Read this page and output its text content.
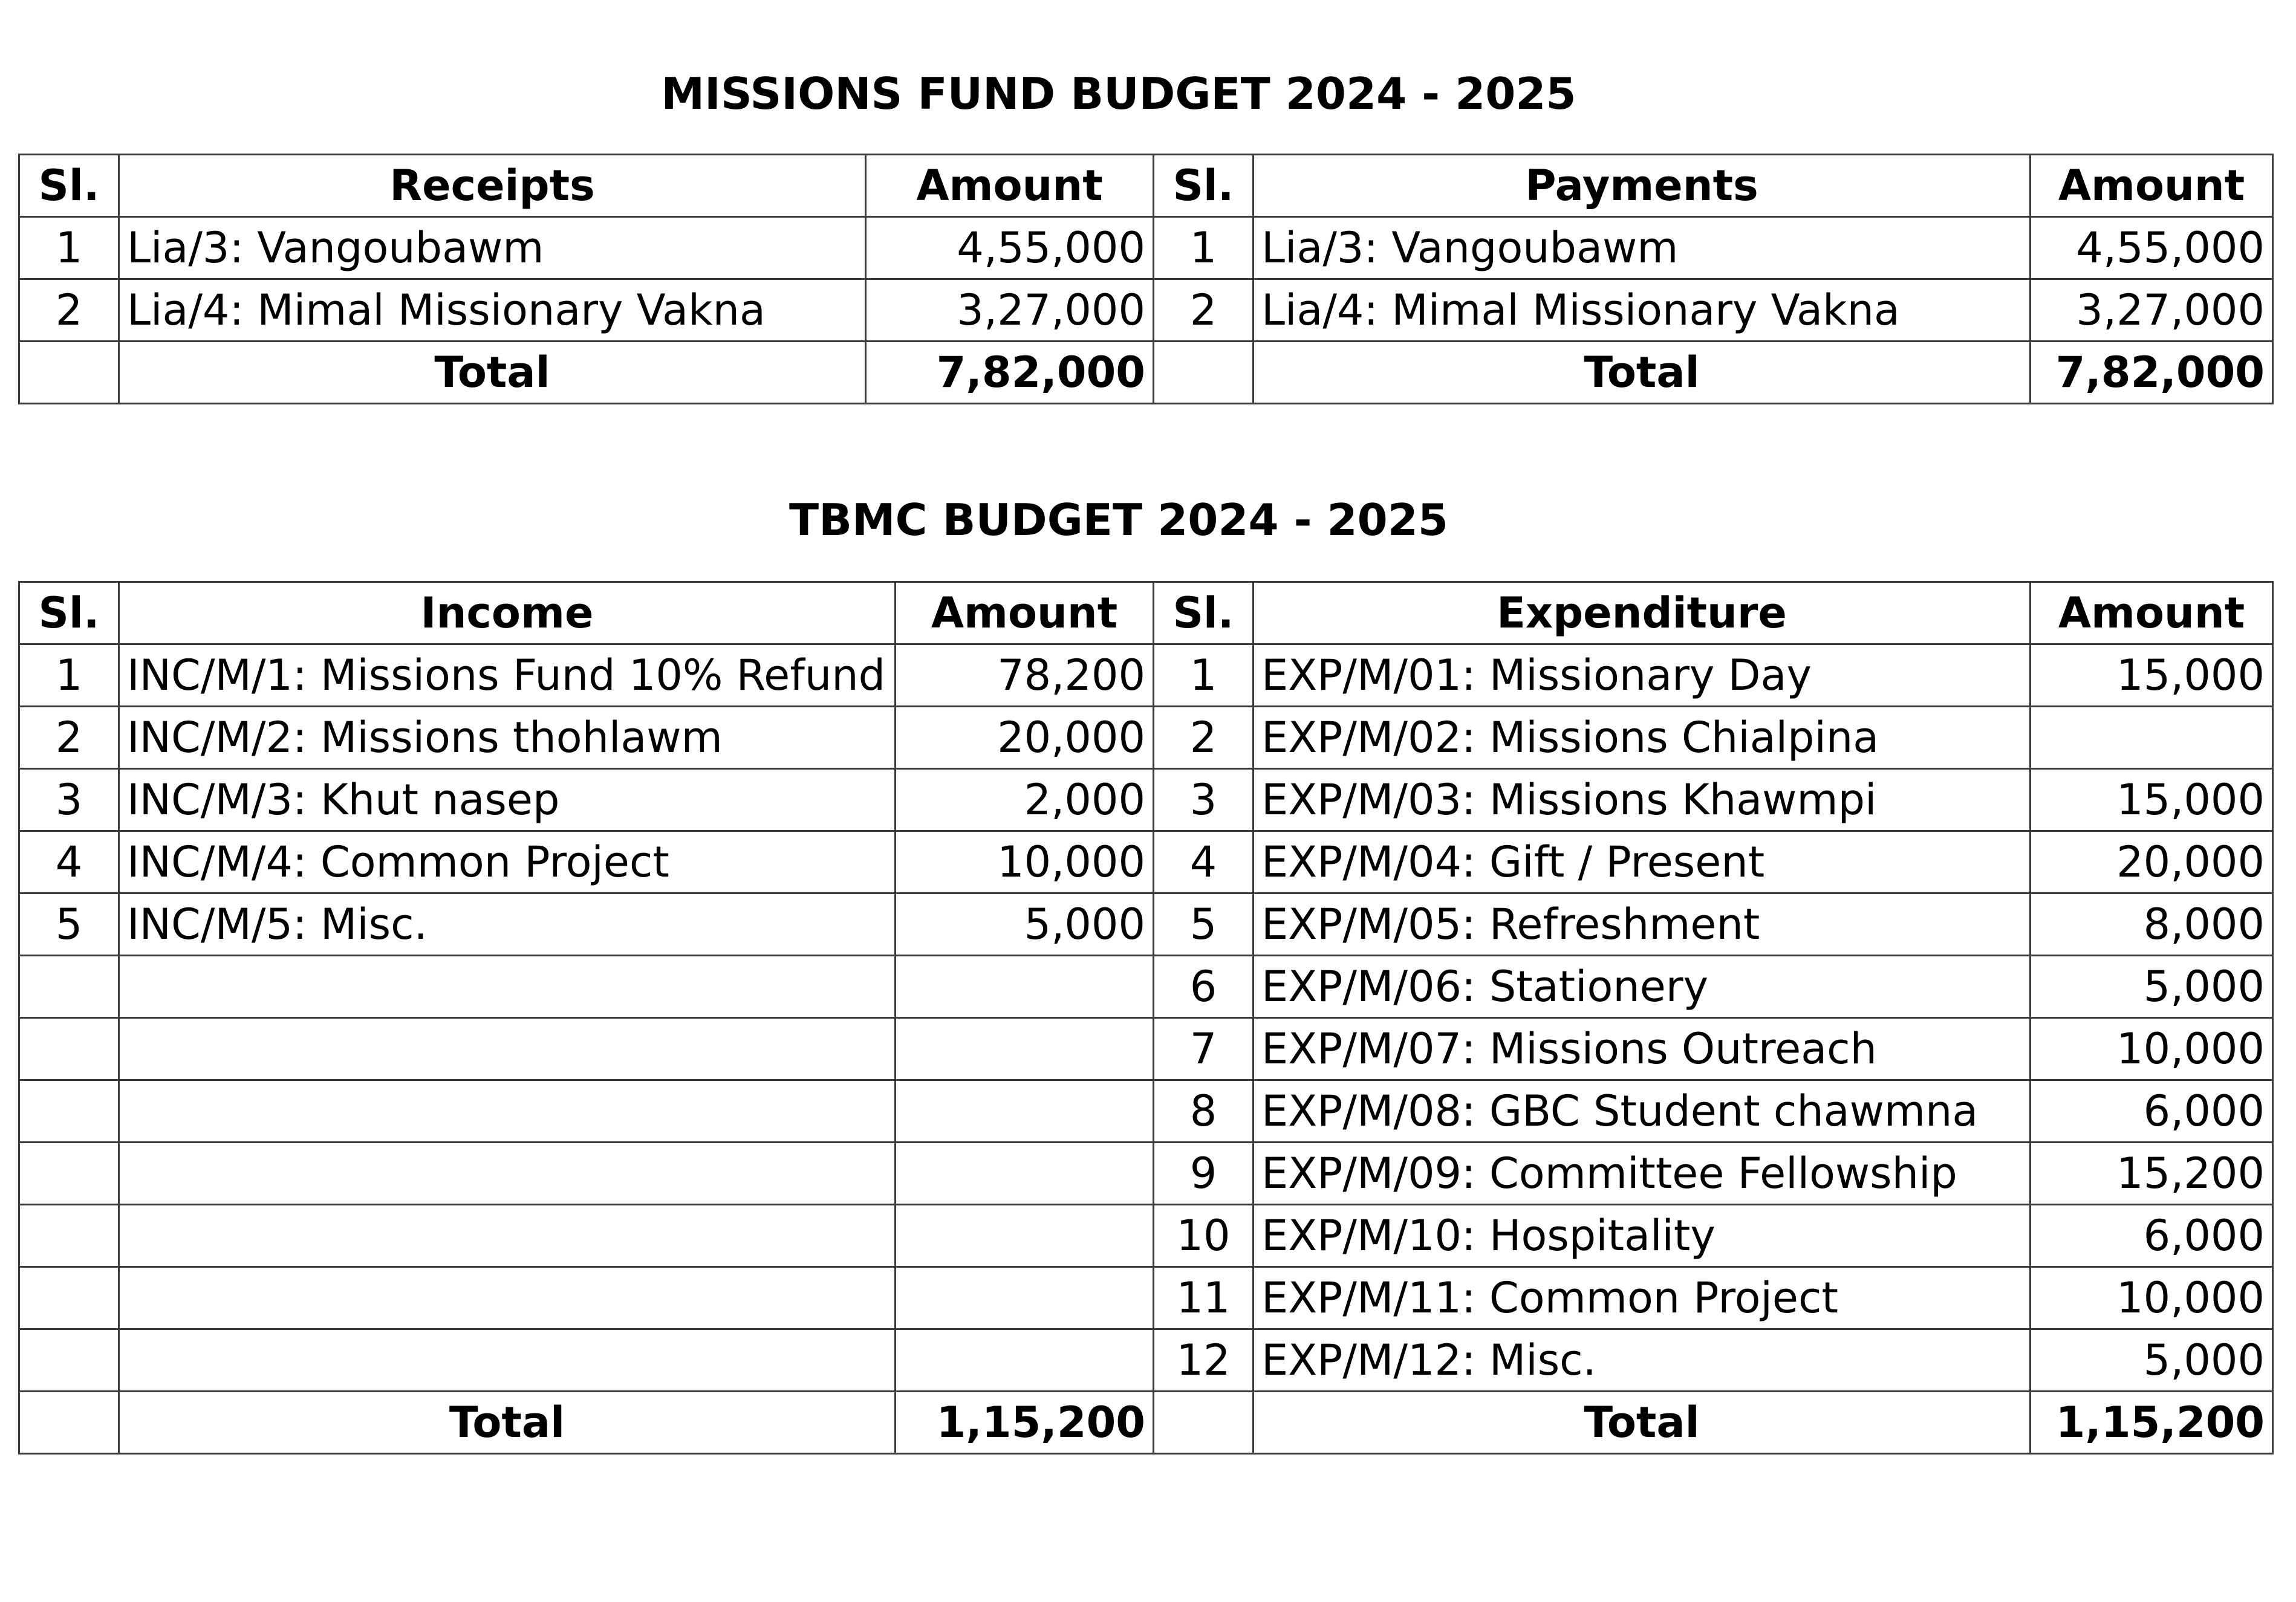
MISSIONS FUND BUDGET 2024 - 2025
Sl.	Receipts	Amount	Sl.	Payments	Amount
1	Lia/3: Vangoubawm	4,55,000	1	Lia/3: Vangoubawm	4,55,000
2	Lia/4: Mimal Missionary Vakna	3,27,000	2	Lia/4: Mimal Missionary Vakna	3,27,000
	Total	7,82,000		Total	7,82,000
TBMC BUDGET 2024 - 2025
Sl.	Income	Amount	Sl.	Expenditure	Amount
1	INC/M/1: Missions Fund 10% Refund	78,200	1	EXP/M/01: Missionary Day	15,000
2	INC/M/2: Missions thohlawm	20,000	2	EXP/M/02: Missions Chialpina	
3	INC/M/3: Khut nasep	2,000	3	EXP/M/03: Missions Khawmpi	15,000
4	INC/M/4: Common Project	10,000	4	EXP/M/04: Gift / Present	20,000
5	INC/M/5: Misc.	5,000	5	EXP/M/05: Refreshment	8,000
			6	EXP/M/06: Stationery	5,000
			7	EXP/M/07: Missions Outreach	10,000
			8	EXP/M/08: GBC Student chawmna	6,000
			9	EXP/M/09: Committee Fellowship	15,200
			10	EXP/M/10: Hospitality	6,000
			11	EXP/M/11: Common Project	10,000
			12	EXP/M/12: Misc.	5,000
	Total	1,15,200		Total	1,15,200
